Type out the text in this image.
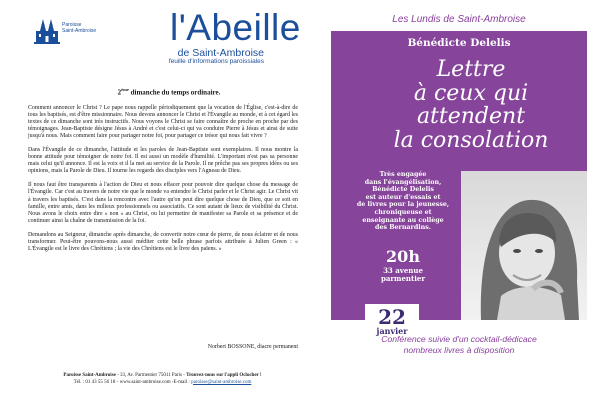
Paroisse
Saint-Ambroise l'Abeille
de Saint-Ambroise
feuille d'informations paroissiales
2ème dimanche du temps ordinaire.

Comment annoncer le Christ ? Le pape nous rappelle périodiquement que la vocation de l'Église, c'est-à-dire de tous les baptisés, est d'être missionnaire. Nous devons annoncer le Christ et l'Évangile au monde, et à cet égard les textes de ce dimanche sont très instructifs. Nous voyons le Christ se faire connaître de proche en proche par des témoignages. Jean-Baptiste désigne Jésus à André et c'est celui-ci qui va conduire Pierre à Jésus et ainsi de suite jusqu'à nous. Mais comment faire pour partager notre foi, pour partager ce trésor qui nous fait vivre ?

Dans l'Évangile de ce dimanche, l'attitude et les paroles de Jean-Baptiste sont exemplaires. Il nous montre la bonne attitude pour témoigner de notre foi. Il est aussi un modèle d'humilité. L'important n'est pas sa personne mais celui qu'il annonce. Il est la voix et il la met au service de la Parole. Il ne prêche pas ses propres idées ou ses opinions, mais la Parole de Dieu. Il tourne les regards des disciples vers l'Agneau de Dieu.

Il nous faut être transparents à l'action de Dieu et nous effacer pour pouvoir dire quelque chose du message de l'Évangile. Car c'est au travers de notre vie que le monde va entendre le Christ parler et le Christ agir. Le Christ vit à travers les baptisés. C'est dans la rencontre avec l'autre qu'on peut dire quelque chose de Dieu, que ce soit en famille, entre amis, dans les milieux professionnels ou associatifs. Ce sont autant de lieux de visibilité du Christ. Nous avons le choix entre dire « non » au Christ, ou lui permettre de manifester sa Parole et sa présence et de continuer ainsi la chaîne de transmission de la foi.

Demandons au Seigneur, dimanche après dimanche, de convertir notre cœur de pierre, de nous éclairer et de nous transformer. Peut-être pouvons-nous aussi méditer cette belle phrase parfois attribuée à Julien Green : « L'Évangile est le livre des Chrétiens ; la vie des Chrétiens est le livre des païens. »

Norbert BOSSONE, diacre permanent
Paroisse Saint-Ambroise - 33, Av. Parmentier 75011 Paris - Trouvez-nous sur l'appli Oclocher !
Tél. : 01 43 55 56 18 - www.saint-ambroise.com -E-mail : paroisse@saint-ambroise.com
Les Lundis de Saint-Ambroise
Bénédicte Delelis
Lettre
à ceux qui
attendent
la consolation
Très engagée
dans l'évangélisation,
Bénédicte Delelis
est auteur d'essais et
de livres pour la jeunesse,
chroniqueuse et
enseignante au collège
des Bernardins.
20h
33 avenue
parmentier
22
janvier
Conférence suivie d'un cocktail-dédicace
nombreux livres à disposition
